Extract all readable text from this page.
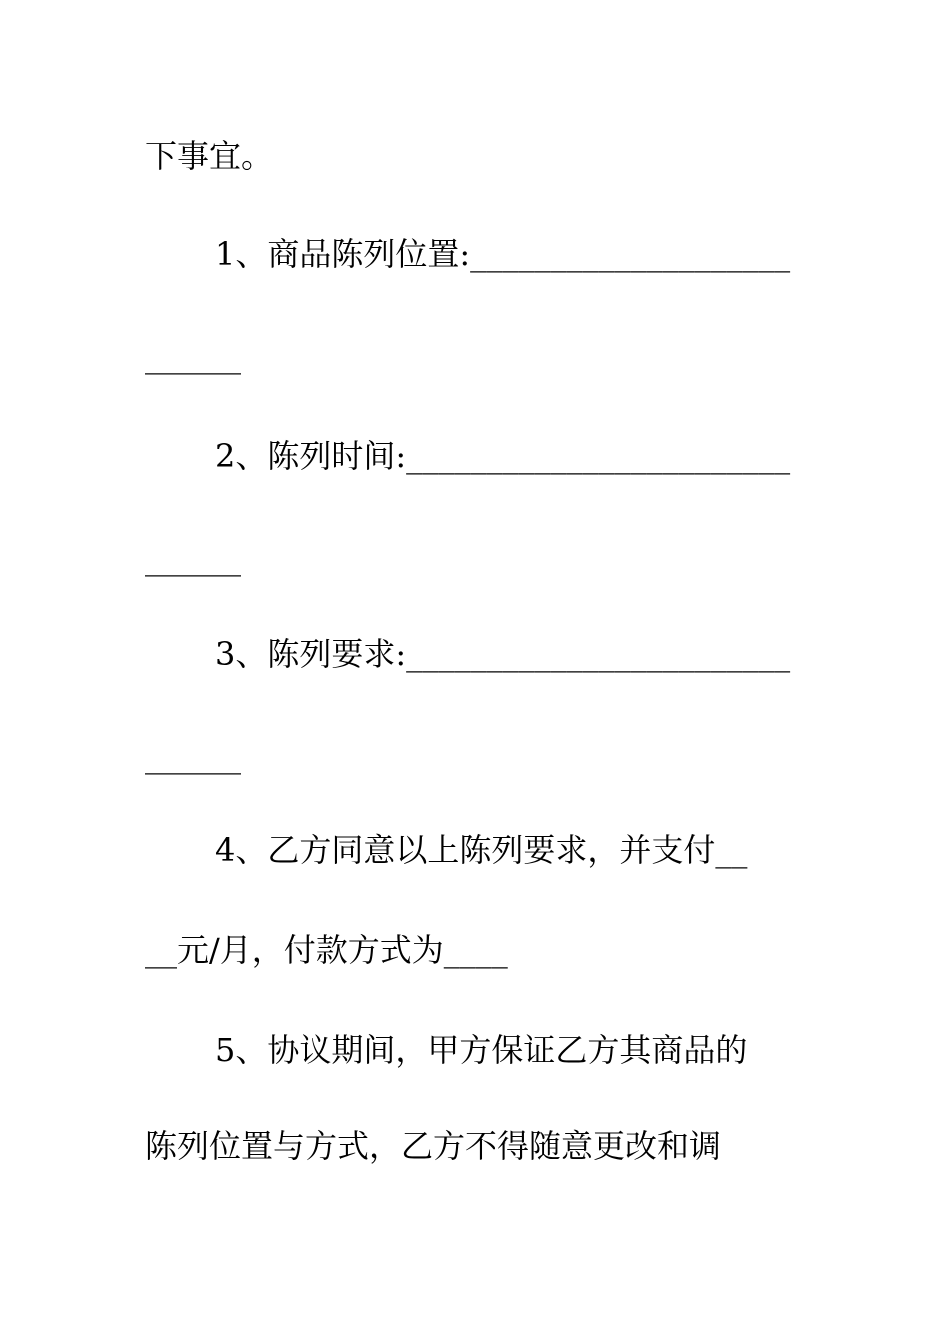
下事宜。
1、商品陈列位置:____________________
______
2、陈列时间:________________________
______
3、陈列要求:________________________
______
4、乙方同意以上陈列要求，并支付__
__元/月，付款方式为____
5、协议期间，甲方保证乙方其商品的
陈列位置与方式，乙方不得随意更改和调
